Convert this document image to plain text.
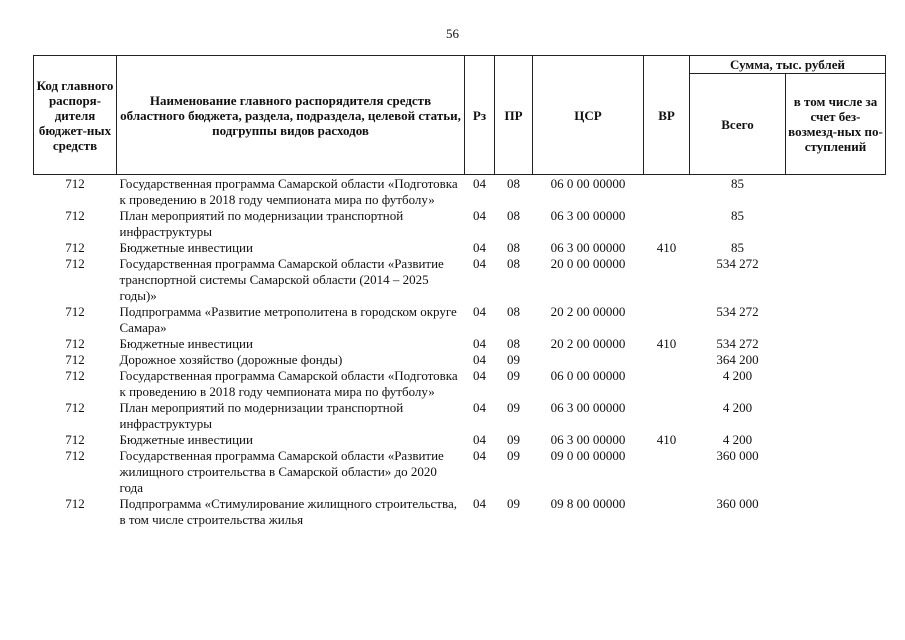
56
Код главного распоря-дителя бюджет-ных средств	Наименование главного распорядителя средств областного бюджета, раздела, подраздела, целевой статьи, подгруппы видов расходов	Рз	ПР	ЦСР	ВР	Сумма, тыс. рублей	
						Всего	в том числе за счет без-возмезд-ных по-ступлений
712	Государственная программа Самарской области «Подготовка к проведению в 2018 году чемпионата мира по футболу»	04	08	06 0 00 00000		85	
712	План мероприятий по модернизации транспортной инфраструктуры	04	08	06 3 00 00000		85	
712	Бюджетные инвестиции	04	08	06 3 00 00000	410	85	
712	Государственная программа Самарской области «Развитие транспортной системы Самарской области (2014 – 2025 годы)»	04	08	20 0 00 00000		534 272	
712	Подпрограмма «Развитие метрополитена в городском округе Самара»	04	08	20 2 00 00000		534 272	
712	Бюджетные инвестиции	04	08	20 2 00 00000	410	534 272	
712	Дорожное хозяйство (дорожные фонды)	04	09			364 200	
712	Государственная программа Самарской области «Подготовка к проведению в 2018 году чемпионата мира по футболу»	04	09	06 0 00 00000		4 200	
712	План мероприятий по модернизации транспортной инфраструктуры	04	09	06 3 00 00000		4 200	
712	Бюджетные инвестиции	04	09	06 3 00 00000	410	4 200	
712	Государственная программа Самарской области «Развитие жилищного строительства в Самарской области» до 2020 года	04	09	09 0 00 00000		360 000	
712	Подпрограмма «Стимулирование жилищного строительства, в том числе строительства жилья	04	09	09 8 00 00000		360 000	
